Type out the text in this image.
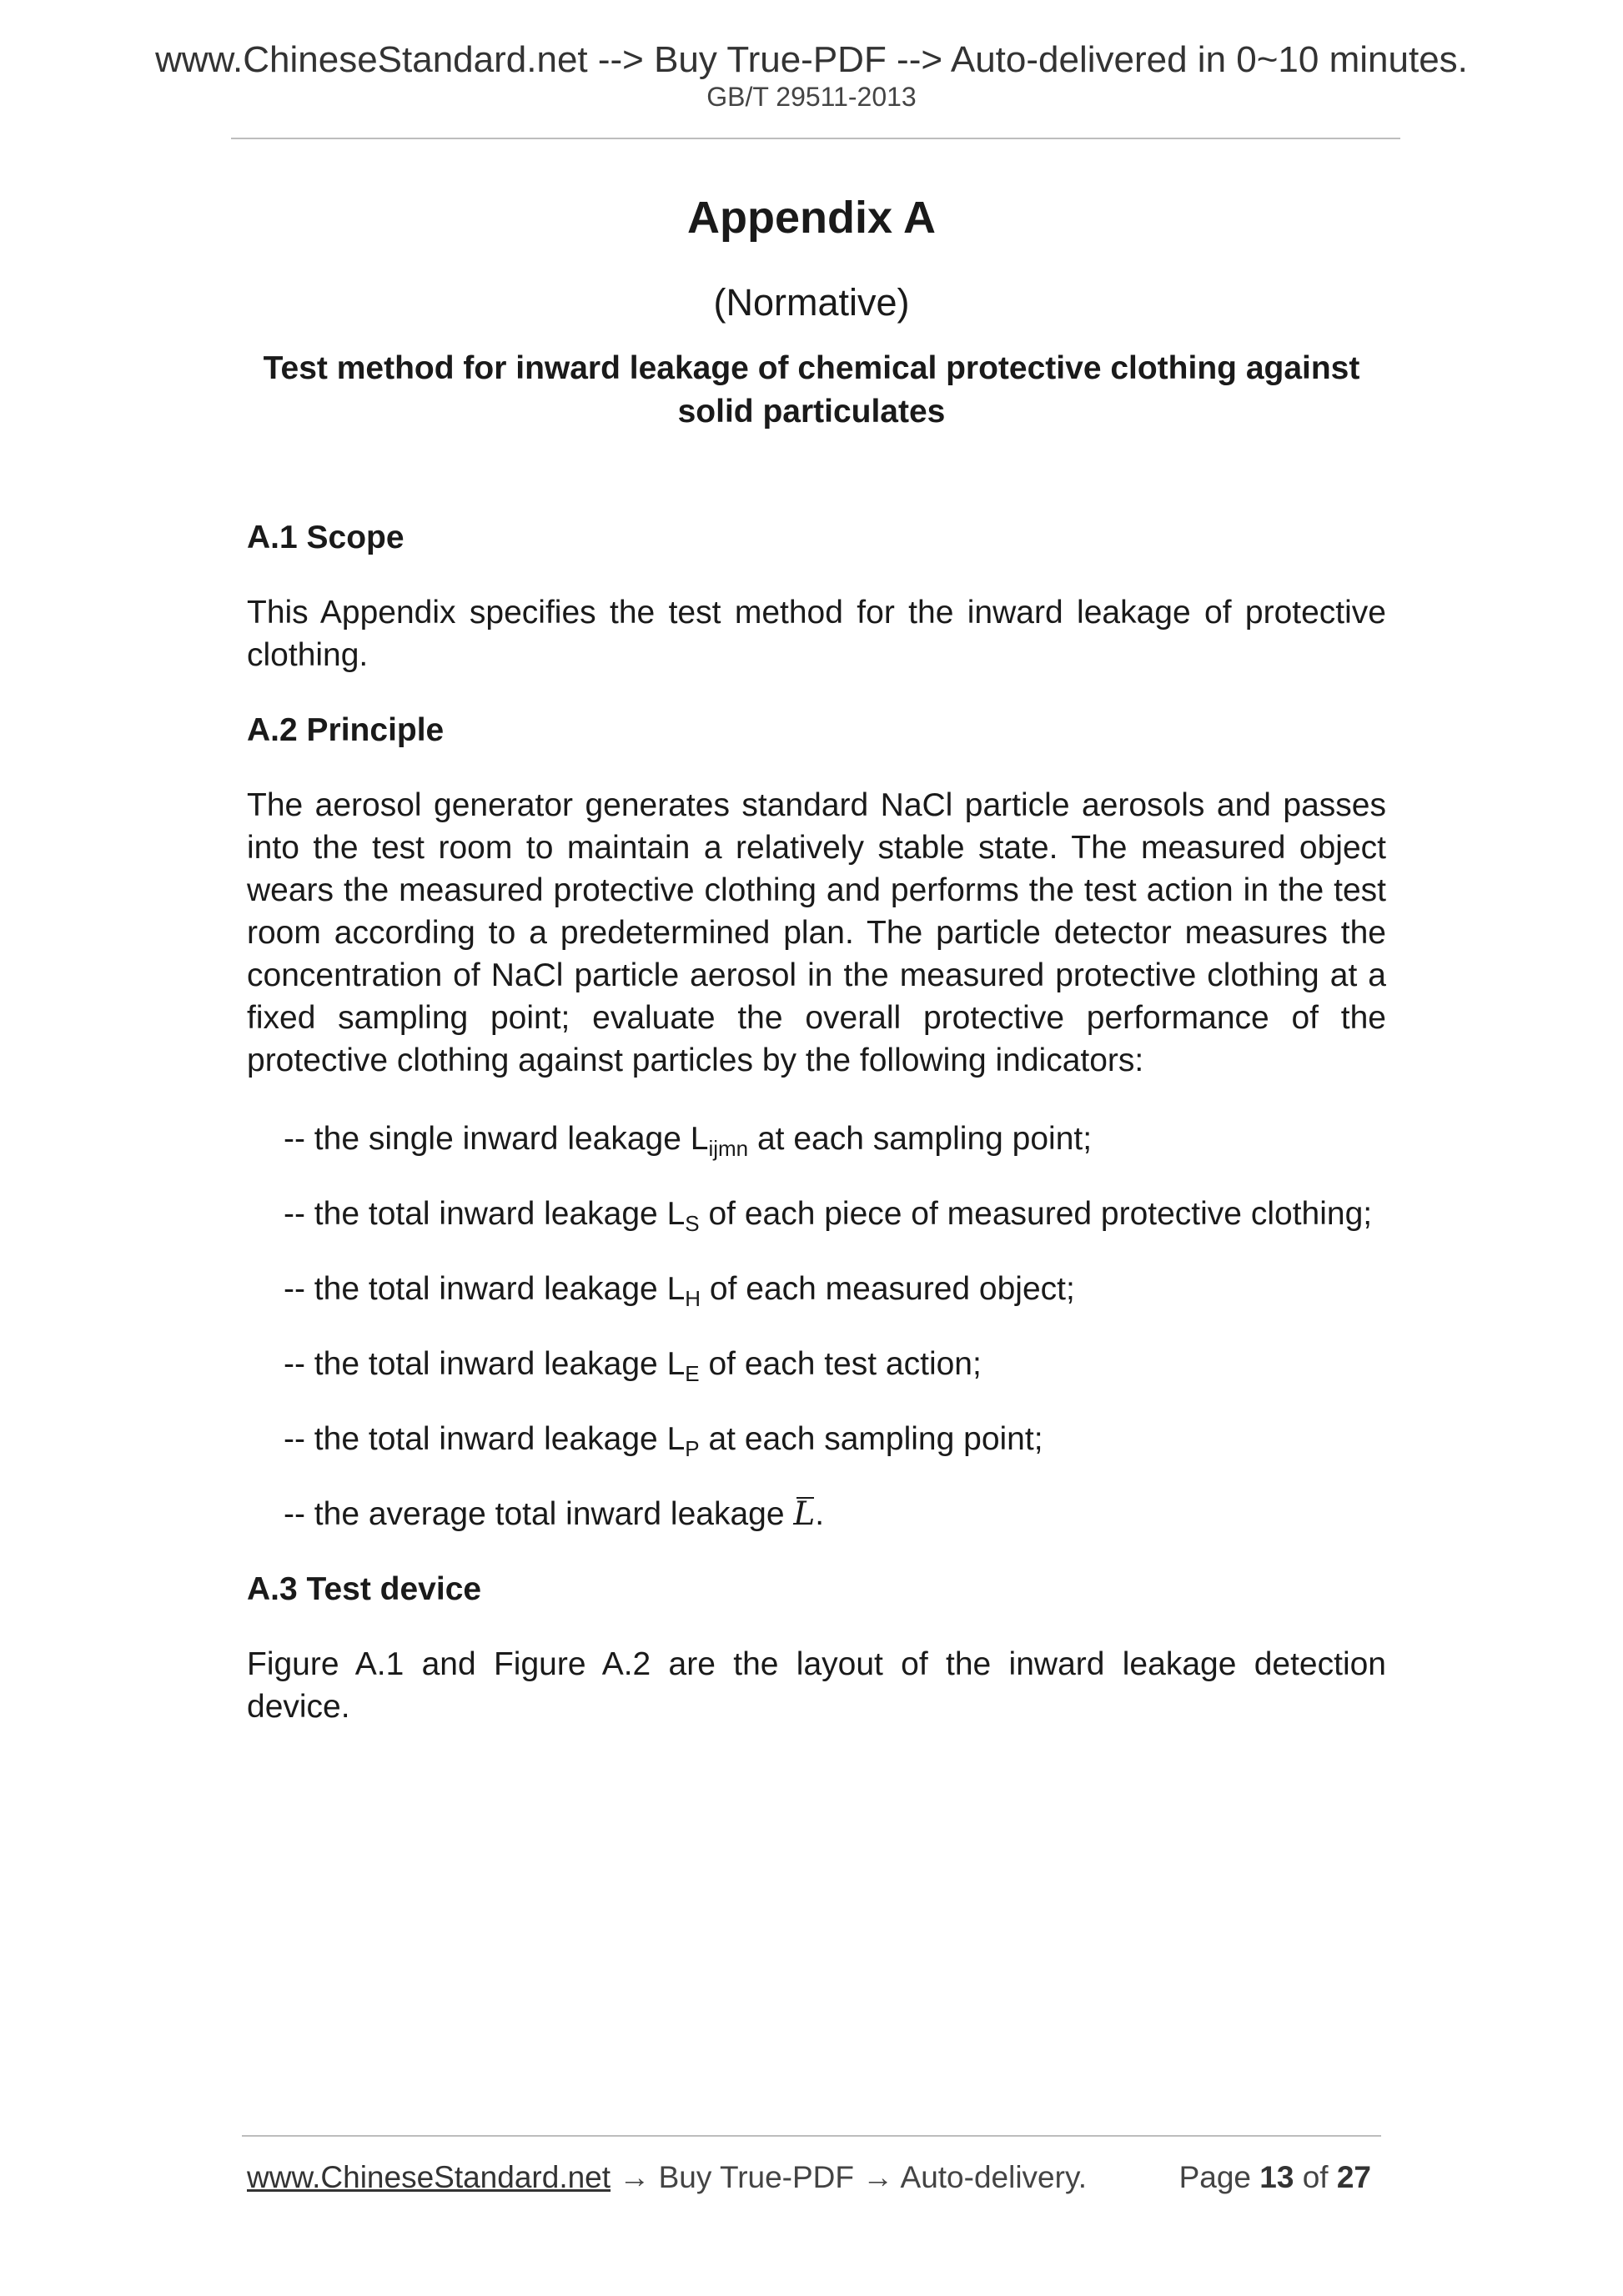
www.ChineseStandard.net --> Buy True-PDF --> Auto-delivered in 0~10 minutes.
GB/T 29511-2013
Appendix A
(Normative)
Test method for inward leakage of chemical protective clothing against
solid particulates
A.1 Scope
This Appendix specifies the test method for the inward leakage of protective clothing.
A.2 Principle
The aerosol generator generates standard NaCl particle aerosols and passes into the test room to maintain a relatively stable state. The measured object wears the measured protective clothing and performs the test action in the test room according to a predetermined plan. The particle detector measures the concentration of NaCl particle aerosol in the measured protective clothing at a fixed sampling point; evaluate the overall protective performance of the protective clothing against particles by the following indicators:
-- the single inward leakage $L_{ijmn}$ at each sampling point;
-- the total inward leakage $L_S$ of each piece of measured protective clothing;
-- the total inward leakage $L_H$ of each measured object;
-- the total inward leakage $L_E$ of each test action;
-- the total inward leakage $L_P$ at each sampling point;
-- the average total inward leakage L.
A.3 Test device
Figure A.1 and Figure A.2 are the layout of the inward leakage detection device.
www.ChineseStandard.net → Buy True-PDF → Auto-delivery.	Page 13 of 27
